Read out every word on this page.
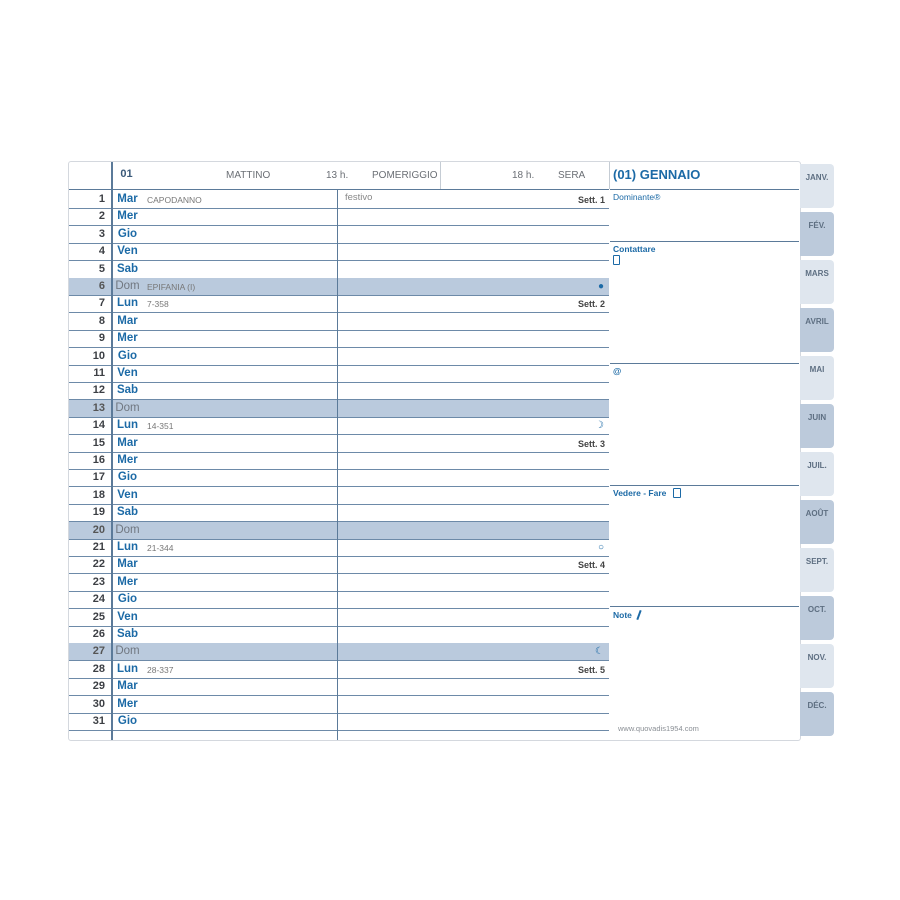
01	MATTINO	13 h. POMERIGGIO	18 h. SERA (01) GENNAIO
1	Mar	CAPODANNO	festivo	Sett. 1
2	Mer
3	Gio
4	Ven
5	Sab
6 Dom EPIFANIA (I)	●
7	Lun	7-358	Sett. 2
8	Mar
9	Mer
10	Gio
11	Ven
12	Sab
13 Dom
14	Lun	14-351	☽
15	Mar	Sett. 3
16	Mer
17	Gio
18	Ven
19	Sab
20 Dom
21	Lun	21-344	○
22	Mar	Sett. 4
23	Mer
24	Gio
25	Ven
26	Sab
27 Dom	☾
28	Lun	28-337	Sett. 5
29	Mar
30	Mer
31	Gio
Dominante®
Contattare
@
Vedere - Fare
Note
www.quovadis1954.com
JANV.
FÉV.
MARS
AVRIL
MAI
JUIN
JUIL.
AOÛT
SEPT.
OCT.
NOV.
DÉC.
